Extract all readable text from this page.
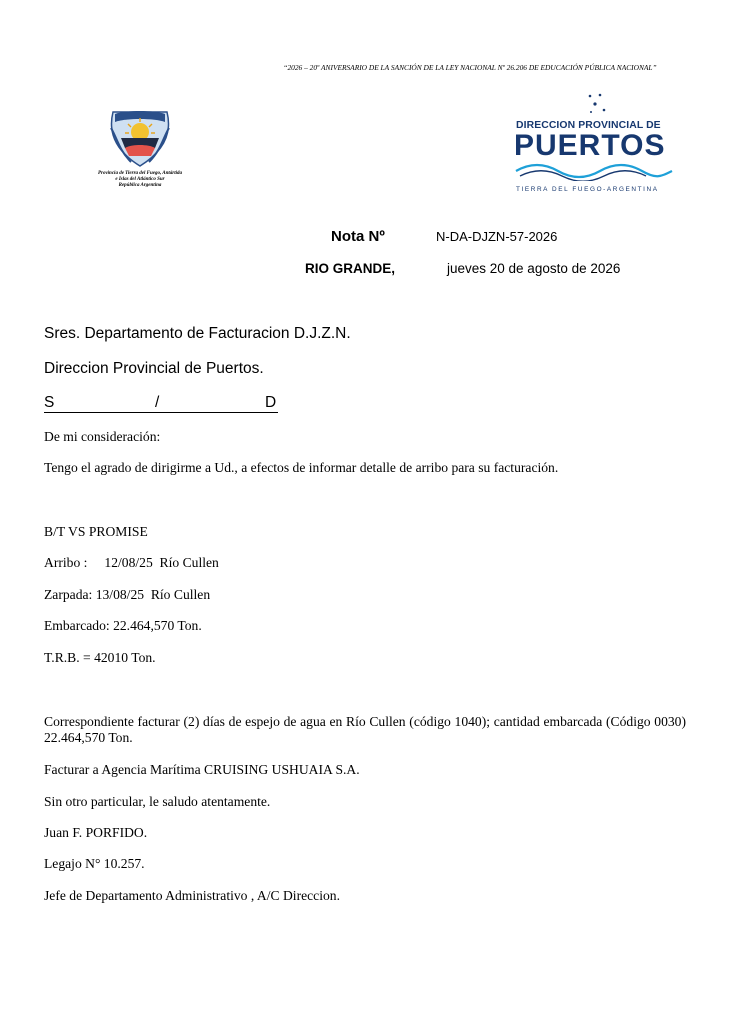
“2026 – 20º ANIVERSARIO DE LA SANCIÓN DE LA LEY NACIONAL Nº 26.206 DE EDUCACIÓN PÚBLICA NACIONAL”
Provincia de Tierra del Fuego, Antártida
e Islas del Atlántico Sur
República Argentina
DIRECCION PROVINCIAL DE
PUERTOS
TIERRA DEL FUEGO-ARGENTINA
Nota Nº	N-DA-DJZN-57-2026
RIO GRANDE,	jueves 20 de agosto de 2026
Sres. Departamento de Facturacion D.J.Z.N.
Direccion Provincial de Puertos.
S	/	D
De mi consideración:
Tengo el agrado de dirigirme a Ud., a efectos de informar detalle de arribo para su facturación.
B/T VS PROMISE
Arribo :     12/08/25  Río Cullen
Zarpada: 13/08/25  Río Cullen
Embarcado: 22.464,570 Ton.
T.R.B. = 42010 Ton.
Correspondiente facturar (2) días de espejo de agua en Río Cullen (código 1040); cantidad embarcada (Código 0030)   22.464,570 Ton.
Facturar a Agencia Marítima CRUISING USHUAIA S.A.
Sin otro particular, le saludo atentamente.
Juan F. PORFIDO.
Legajo N° 10.257.
Jefe de Departamento Administrativo , A/C Direccion.
